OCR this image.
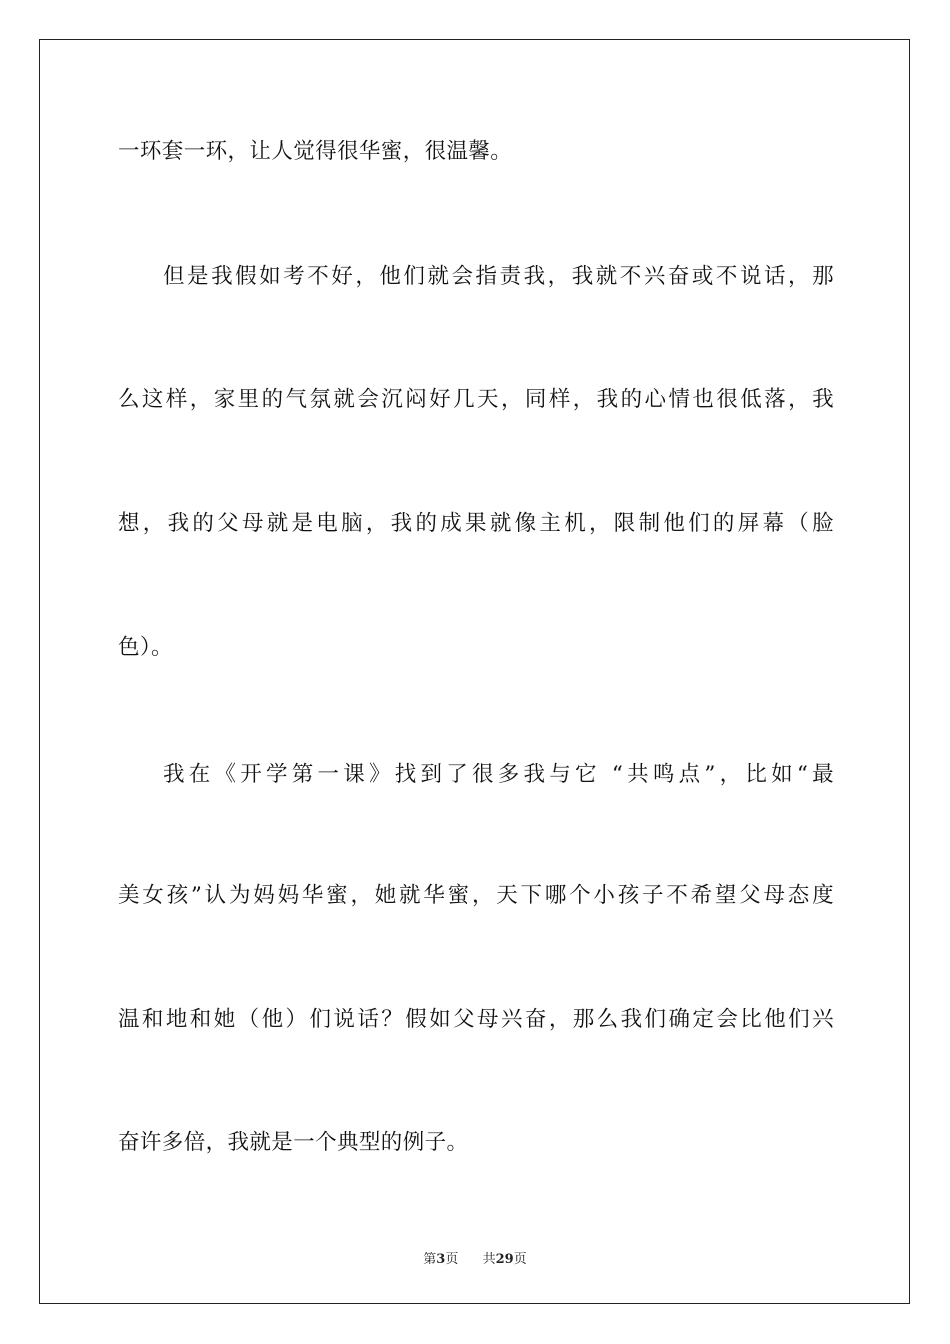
一环套一环，让人觉得很华蜜，很温馨。
但是我假如考不好，他们就会指责我，我就不兴奋或不说话，那
么这样，家里的气氛就会沉闷好几天，同样，我的心情也很低落，我
想，我的父母就是电脑，我的成果就像主机，限制他们的屏幕（脸
色）。
我在《开学第一课》找到了很多我与它 “共鸣点”，比如“最
美女孩”认为妈妈华蜜，她就华蜜，天下哪个小孩子不希望父母态度
温和地和她（他）们说话？假如父母兴奋，那么我们确定会比他们兴
奋许多倍，我就是一个典型的例子。
第3页 共29页
